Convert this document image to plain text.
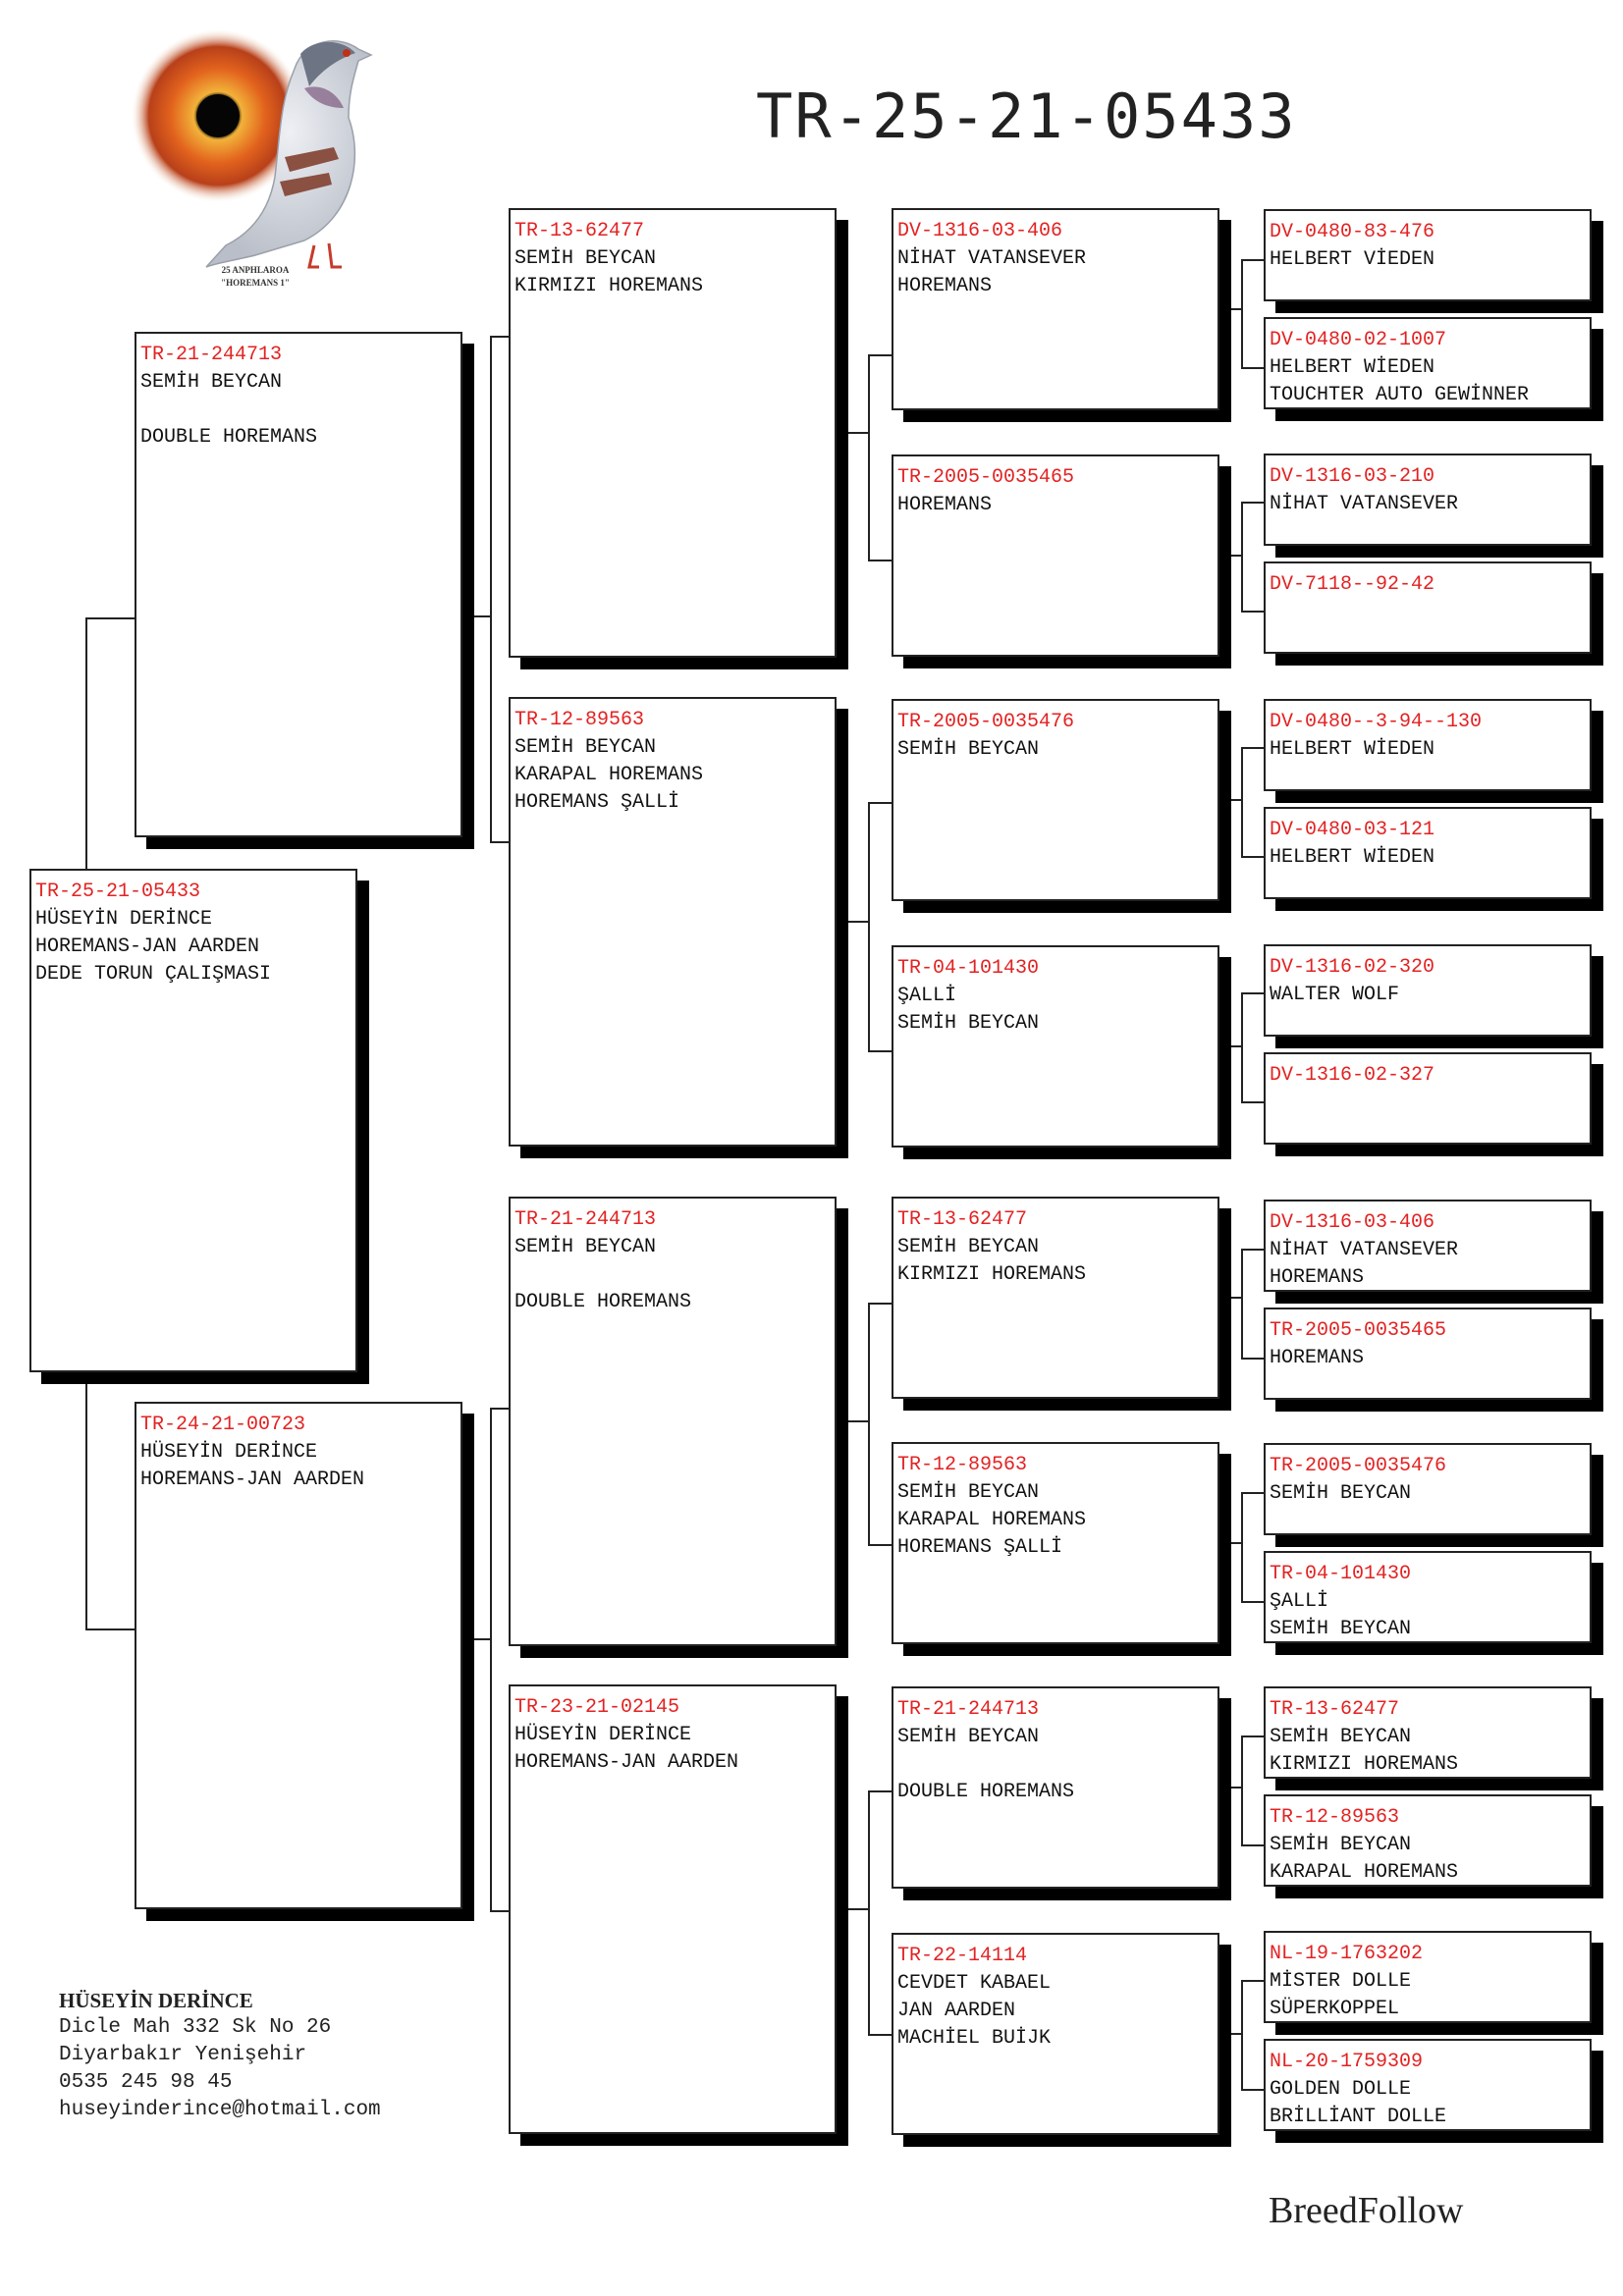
25 ANPHLAROA
"HOREMANS 1"
TR-25-21-05433
TR-25-21-05433
HÜSEYİN DERİNCE
HOREMANS-JAN AARDEN
DEDE TORUN ÇALIŞMASI
TR-21-244713
SEMİH BEYCAN
DOUBLE HOREMANS
TR-24-21-00723
HÜSEYİN DERİNCE
HOREMANS-JAN AARDEN
TR-13-62477
SEMİH BEYCAN
KIRMIZI HOREMANS
TR-12-89563
SEMİH BEYCAN
KARAPAL HOREMANS
HOREMANS ŞALLİ
TR-21-244713
SEMİH BEYCAN
DOUBLE HOREMANS
TR-23-21-02145
HÜSEYİN DERİNCE
HOREMANS-JAN AARDEN
DV-1316-03-406
NİHAT VATANSEVER
HOREMANS
TR-2005-0035465
HOREMANS
TR-2005-0035476
SEMİH BEYCAN
TR-04-101430
ŞALLİ
SEMİH BEYCAN
TR-13-62477
SEMİH BEYCAN
KIRMIZI HOREMANS
TR-12-89563
SEMİH BEYCAN
KARAPAL HOREMANS
HOREMANS ŞALLİ
TR-21-244713
SEMİH BEYCAN
DOUBLE HOREMANS
TR-22-14114
CEVDET KABAEL
JAN AARDEN
MACHİEL BUİJK
DV-0480-83-476
HELBERT VİEDEN
DV-0480-02-1007
HELBERT WİEDEN
TOUCHTER AUTO GEWİNNER
DV-1316-03-210
NİHAT VATANSEVER
DV-7118--92-42
DV-0480--3-94--130
HELBERT WİEDEN
DV-0480-03-121
HELBERT WİEDEN
DV-1316-02-320
WALTER WOLF
DV-1316-02-327
DV-1316-03-406
NİHAT VATANSEVER
HOREMANS
TR-2005-0035465
HOREMANS
TR-2005-0035476
SEMİH BEYCAN
TR-04-101430
ŞALLİ
SEMİH BEYCAN
TR-13-62477
SEMİH BEYCAN
KIRMIZI HOREMANS
TR-12-89563
SEMİH BEYCAN
KARAPAL HOREMANS
NL-19-1763202
MİSTER DOLLE
SÜPERKOPPEL
NL-20-1759309
GOLDEN DOLLE
BRİLLİANT DOLLE
HÜSEYİN DERİNCE
Dicle Mah 332 Sk No 26
Diyarbakır Yenişehir
0535 245 98 45
huseyinderince@hotmail.com
BreedFollow
